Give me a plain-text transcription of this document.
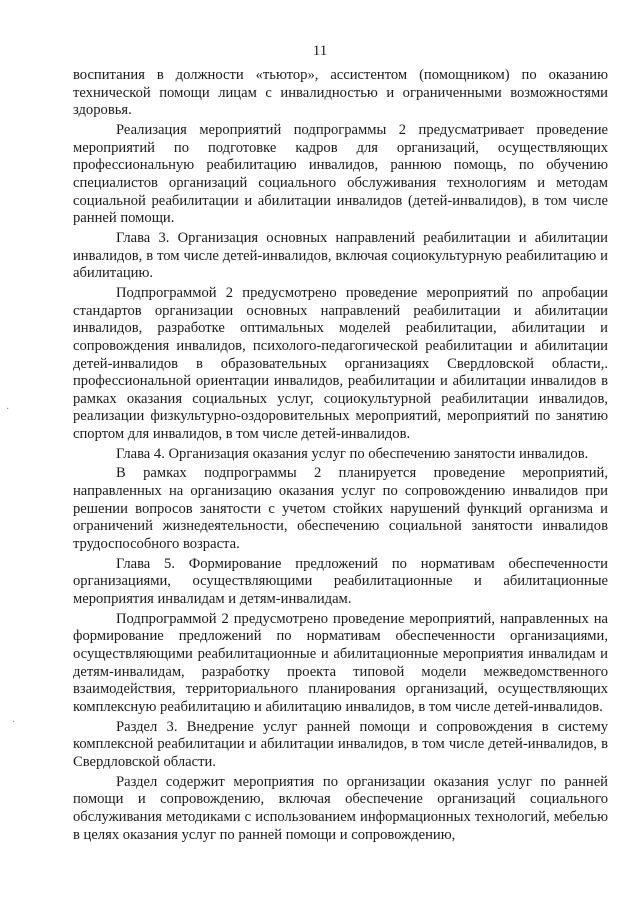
11

воспитания в должности «тьютор», ассистентом (помощником) по оказанию технической помощи лицам с инвалидностью и ограниченными возможностями здоровья.

Реализация мероприятий подпрограммы 2 предусматривает проведение мероприятий по подготовке кадров для организаций, осуществляющих профессиональную реабилитацию инвалидов, раннюю помощь, по обучению специалистов организаций социального обслуживания технологиям и методам социальной реабилитации и абилитации инвалидов (детей-инвалидов), в том числе ранней помощи.

Глава 3. Организация основных направлений реабилитации и абилитации инвалидов, в том числе детей-инвалидов, включая социокультурную реабилитацию и абилитацию.

Подпрограммой 2 предусмотрено проведение мероприятий по апробации стандартов организации основных направлений реабилитации и абилитации инвалидов, разработке оптимальных моделей реабилитации, абилитации и сопровождения инвалидов, психолого-педагогической реабилитации и абилитации детей-инвалидов в образовательных организациях Свердловской области,. профессиональной ориентации инвалидов, реабилитации и абилитации инвалидов в рамках оказания социальных услуг, социокультурной реабилитации инвалидов, реализации физкультурно-оздоровительных мероприятий, мероприятий по занятию спортом для инвалидов, в том числе детей-инвалидов.

Глава 4. Организация оказания услуг по обеспечению занятости инвалидов.

В рамках подпрограммы 2 планируется проведение мероприятий, направленных на организацию оказания услуг по сопровождению инвалидов при решении вопросов занятости с учетом стойких нарушений функций организма и ограничений жизнедеятельности, обеспечению социальной занятости инвалидов трудоспособного возраста.

Глава 5. Формирование предложений по нормативам обеспеченности организациями, осуществляющими реабилитационные и абилитационные мероприятия инвалидам и детям-инвалидам.

Подпрограммой 2 предусмотрено проведение мероприятий, направленных на формирование предложений по нормативам обеспеченности организациями, осуществляющими реабилитационные и абилитационные мероприятия инвалидам и детям-инвалидам, разработку проекта типовой модели межведомственного взаимодействия, территориального планирования организаций, осуществляющих комплексную реабилитацию и абилитацию инвалидов, в том числе детей-инвалидов.

Раздел 3. Внедрение услуг ранней помощи и сопровождения в систему комплексной реабилитации и абилитации инвалидов, в том числе детей-инвалидов, в Свердловской области.

Раздел содержит мероприятия по организации оказания услуг по ранней помощи и сопровождению, включая обеспечение организаций социального обслуживания методиками с использованием информационных технологий, мебелью в целях оказания услуг по ранней помощи и сопровождению,

·
·
